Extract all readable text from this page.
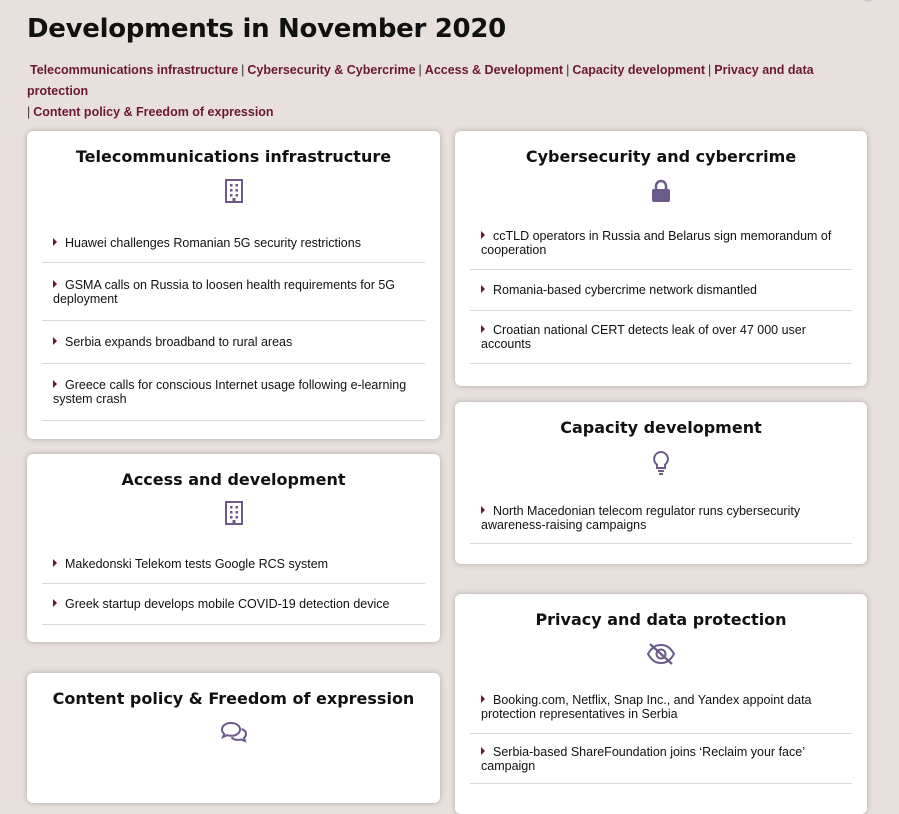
Developments in November 2020
Telecommunications infrastructure | Cybersecurity & Cybercrime | Access & Development | Capacity development | Privacy and data protection
| Content policy & Freedom of expression
Telecommunications infrastructure
Huawei challenges Romanian 5G security restrictions
GSMA calls on Russia to loosen health requirements for 5G deployment
Serbia expands broadband to rural areas
Greece calls for conscious Internet usage following e-learning system crash
Cybersecurity and cybercrime
ccTLD operators in Russia and Belarus sign memorandum of cooperation
Romania-based cybercrime network dismantled
Croatian national CERT detects leak of over 47 000 user accounts
Access and development
Makedonski Telekom tests Google RCS system
Greek startup develops mobile COVID-19 detection device
Capacity development
North Macedonian telecom regulator runs cybersecurity awareness-raising campaigns
Content policy & Freedom of expression
Privacy and data protection
Booking.com, Netflix, Snap Inc., and Yandex appoint data protection representatives in Serbia
Serbia-based ShareFoundation joins ‘Reclaim your face’ campaign
